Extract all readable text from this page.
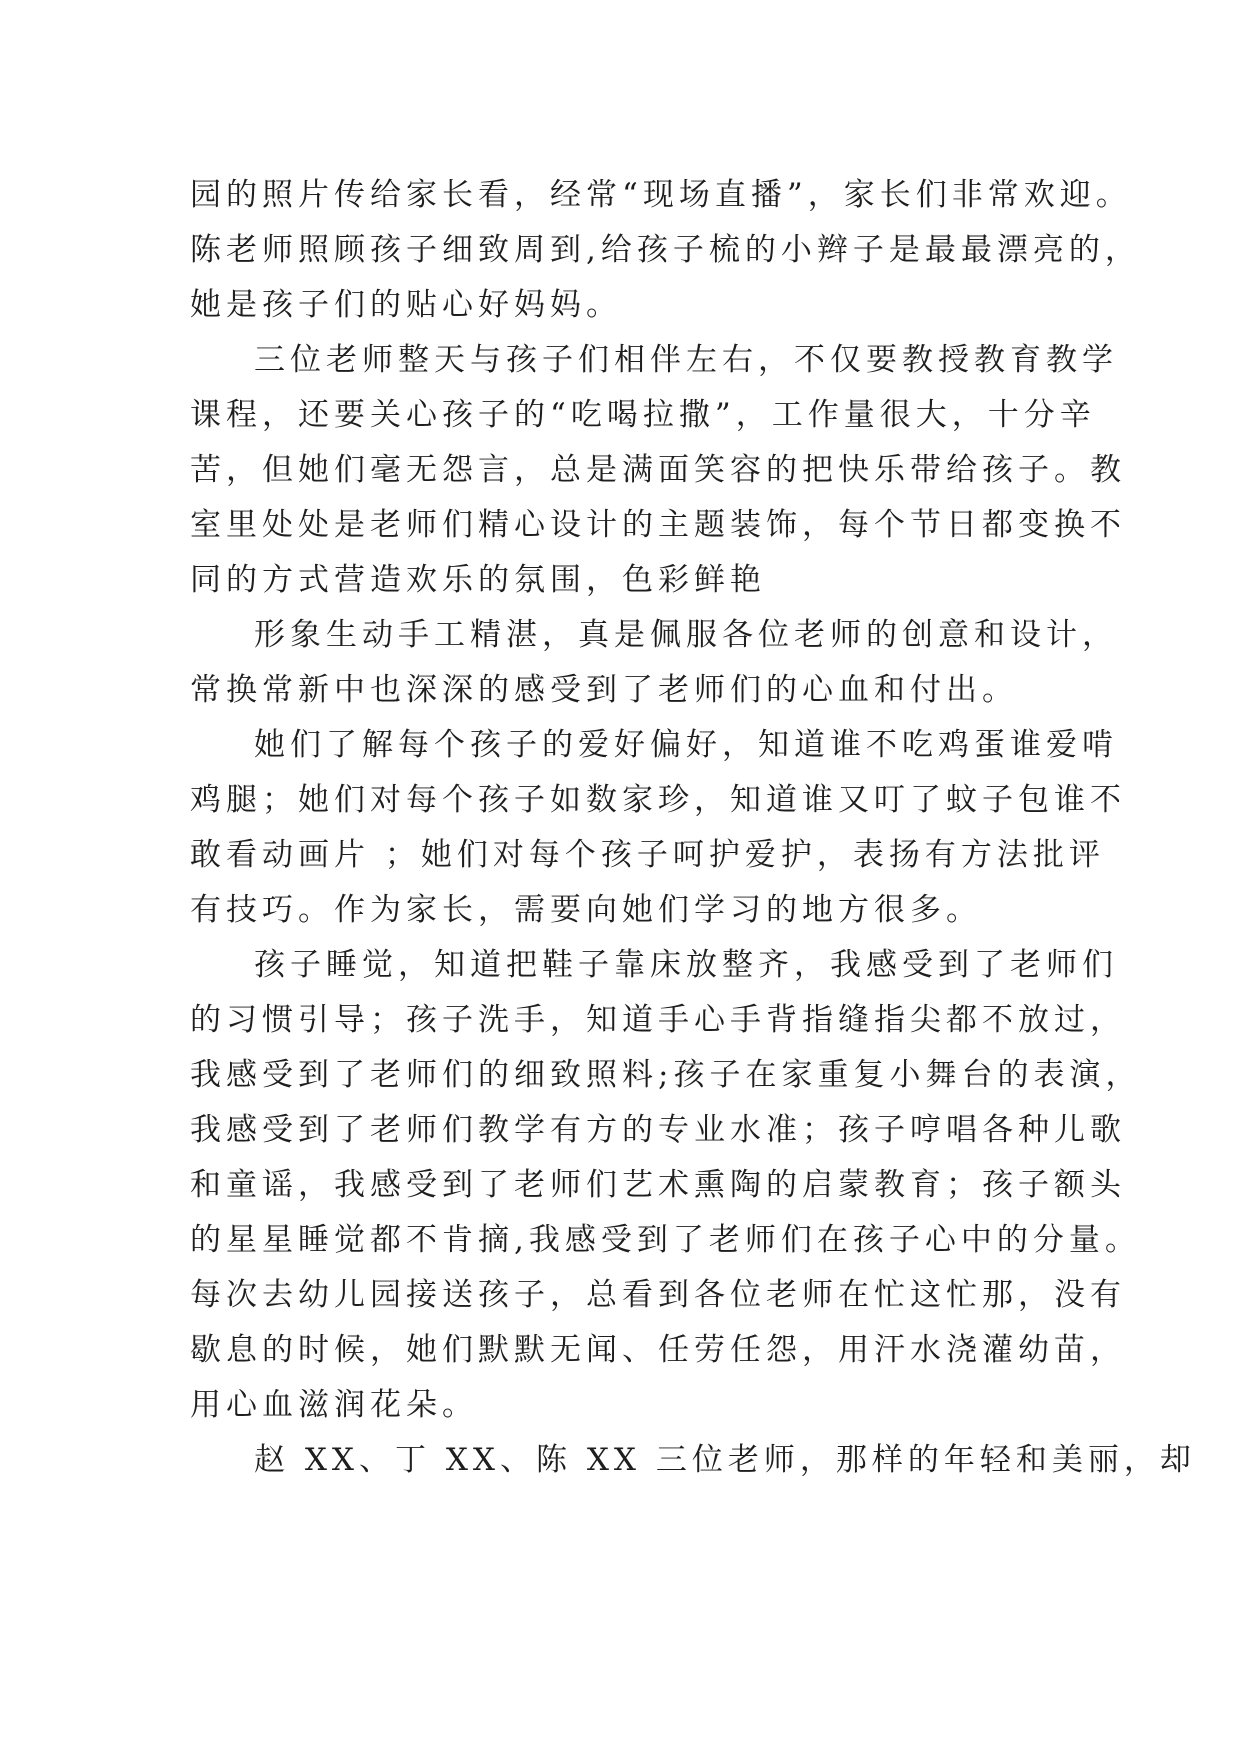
园的照片传给家长看，经常“现场直播”，家长们非常欢迎。
陈老师照顾孩子细致周到,给孩子梳的小辫子是最最漂亮的，
她是孩子们的贴心好妈妈。
三位老师整天与孩子们相伴左右，不仅要教授教育教学
课程，还要关心孩子的“吃喝拉撒”，工作量很大，十分辛
苦，但她们毫无怨言，总是满面笑容的把快乐带给孩子。教
室里处处是老师们精心设计的主题装饰，每个节日都变换不
同的方式营造欢乐的氛围，色彩鲜艳
形象生动手工精湛，真是佩服各位老师的创意和设计，
常换常新中也深深的感受到了老师们的心血和付出。
她们了解每个孩子的爱好偏好，知道谁不吃鸡蛋谁爱啃
鸡腿；她们对每个孩子如数家珍，知道谁又叮了蚊子包谁不
敢看动画片 ；她们对每个孩子呵护爱护，表扬有方法批评
有技巧。作为家长，需要向她们学习的地方很多。
孩子睡觉，知道把鞋子靠床放整齐，我感受到了老师们
的习惯引导；孩子洗手，知道手心手背指缝指尖都不放过，
我感受到了老师们的细致照料;孩子在家重复小舞台的表演，
我感受到了老师们教学有方的专业水准；孩子哼唱各种儿歌
和童谣，我感受到了老师们艺术熏陶的启蒙教育；孩子额头
的星星睡觉都不肯摘,我感受到了老师们在孩子心中的分量。
每次去幼儿园接送孩子，总看到各位老师在忙这忙那，没有
歇息的时候，她们默默无闻、任劳任怨，用汗水浇灌幼苗，
用心血滋润花朵。
赵 XX、丁 XX、陈 XX 三位老师，那样的年轻和美丽，却
